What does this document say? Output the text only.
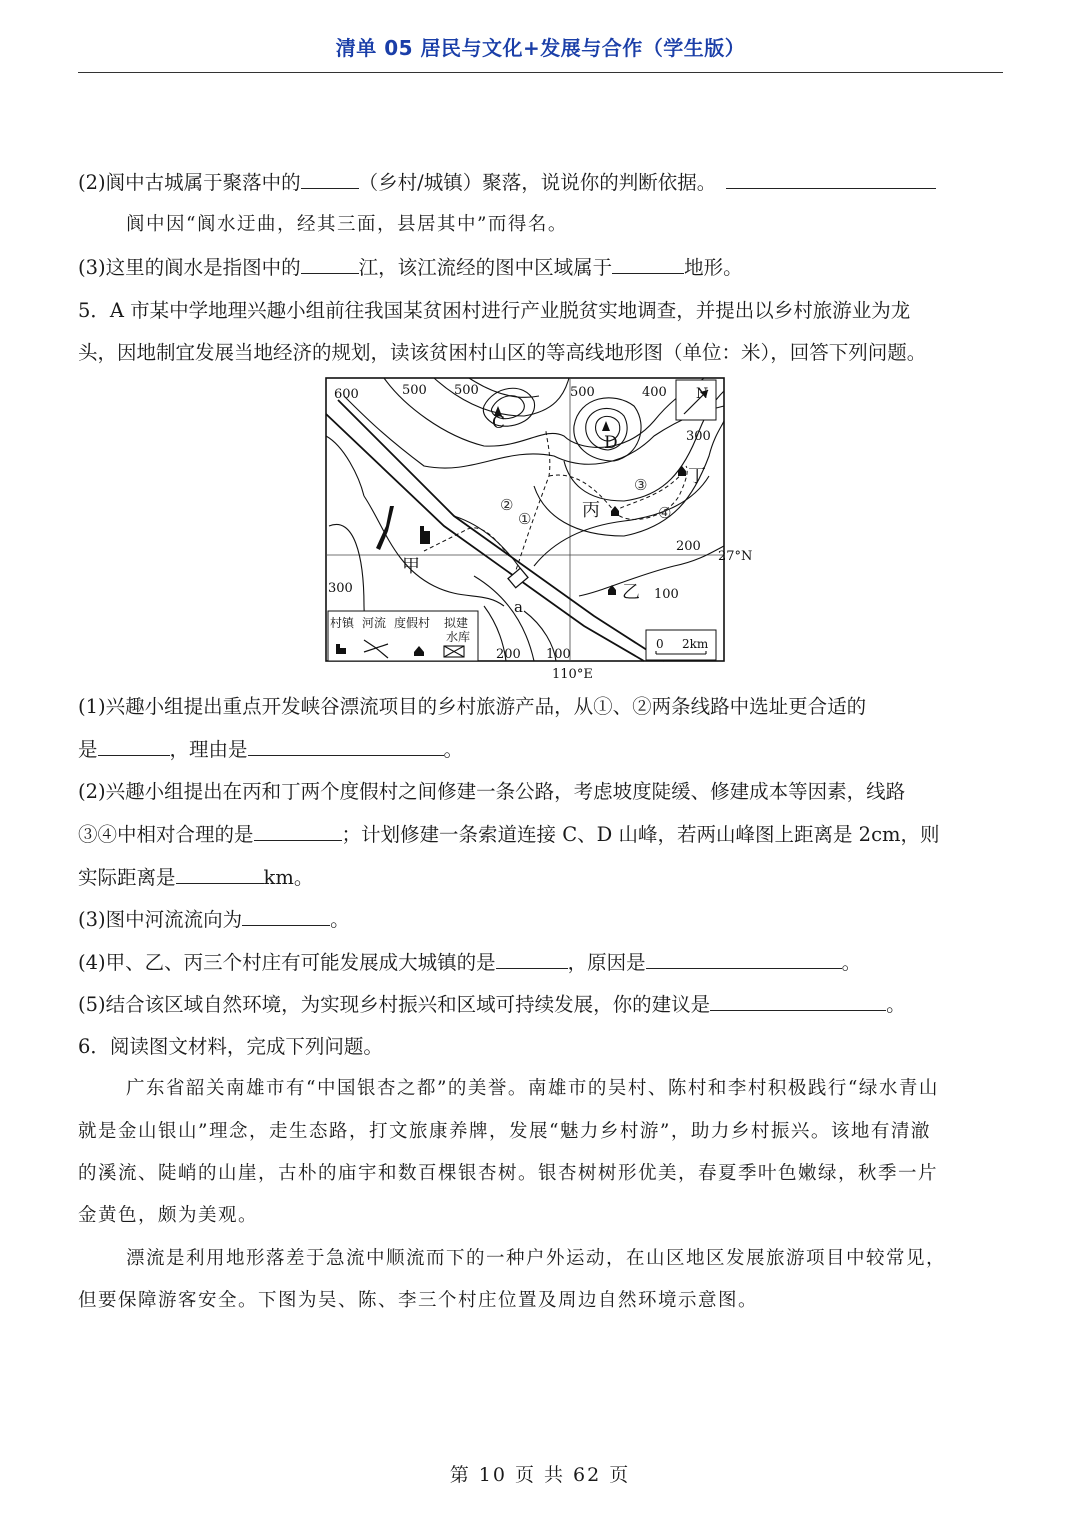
清单 05 居民与文化+发展与合作（学生版）
(2)阆中古城属于聚落中的	（乡村/城镇）聚落，说说你的判断依据。
阆中因“阆水迂曲，经其三面，县居其中”而得名。
(3)这里的阆水是指图中的	江，该江流经的图中区域属于	地形。
5．A 市某中学地理兴趣小组前往我国某贫困村进行产业脱贫实地调查，并提出以乡村旅游业为龙
头，因地制宜发展当地经济的规划，读该贫困村山区的等高线地形图（单位：米），回答下列问题。
600	500 500	500	400
300
200
100
300
200 100
C
D
甲
乙
丙
丁
①
②
③
④
a
27°N
110°E
N
村镇 河流 度假村 拟建
水库	0 2km
(1)兴趣小组提出重点开发峡谷漂流项目的乡村旅游产品，从①、②两条线路中选址更合适的
是	，理由是	。
(2)兴趣小组提出在丙和丁两个度假村之间修建一条公路，考虑坡度陡缓、修建成本等因素，线路
③④中相对合理的是	；计划修建一条索道连接 C、D 山峰，若两山峰图上距离是 2cm，则
实际距离是	km。
(3)图中河流流向为	。
(4)甲、乙、丙三个村庄有可能发展成大城镇的是	，原因是	。
(5)结合该区域自然环境，为实现乡村振兴和区域可持续发展，你的建议是	。
6．阅读图文材料，完成下列问题。
广东省韶关南雄市有“中国银杏之都”的美誉。南雄市的吴村、陈村和李村积极践行“绿水青山
就是金山银山”理念，走生态路，打文旅康养牌，发展“魅力乡村游”，助力乡村振兴。该地有清澈
的溪流、陡峭的山崖，古朴的庙宇和数百棵银杏树。银杏树树形优美，春夏季叶色嫩绿，秋季一片
金黄色，颇为美观。
漂流是利用地形落差于急流中顺流而下的一种户外运动，在山区地区发展旅游项目中较常见，
但要保障游客安全。下图为吴、陈、李三个村庄位置及周边自然环境示意图。
第 10 页 共 62 页
